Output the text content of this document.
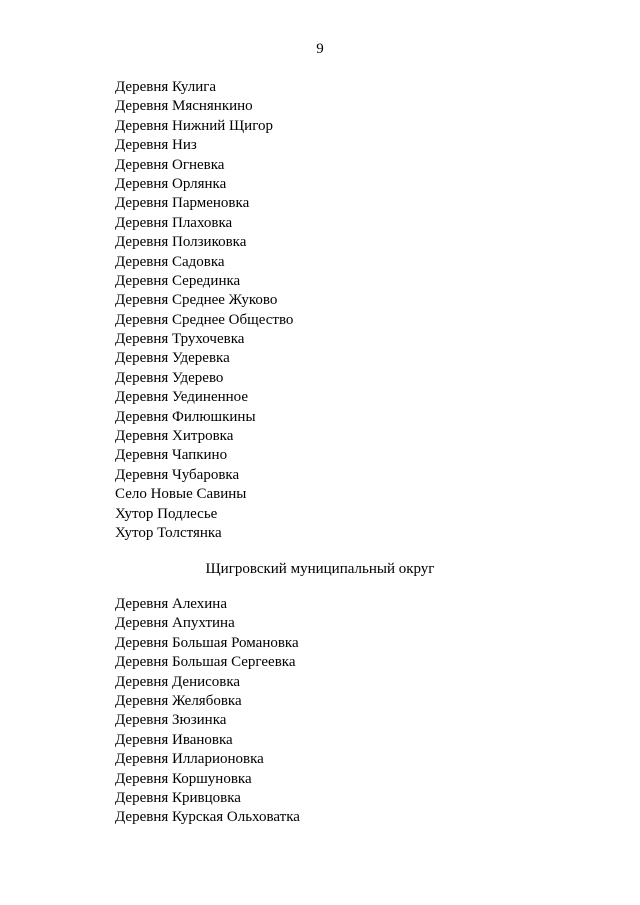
9
Деревня Кулига
Деревня Мяснянкино
Деревня Нижний Щигор
Деревня Низ
Деревня Огневка
Деревня Орлянка
Деревня Парменовка
Деревня Плаховка
Деревня Ползиковка
Деревня Садовка
Деревня Серединка
Деревня Среднее Жуково
Деревня Среднее Общество
Деревня Трухочевка
Деревня Удеревка
Деревня Удерево
Деревня Уединенное
Деревня Филюшкины
Деревня Хитровка
Деревня Чапкино
Деревня Чубаровка
Село Новые Савины
Хутор Подлесье
Хутор Толстянка
Щигровский муниципальный округ
Деревня Алехина
Деревня Апухтина
Деревня Большая Романовка
Деревня Большая Сергеевка
Деревня Денисовка
Деревня Желябовка
Деревня Зюзинка
Деревня Ивановка
Деревня Илларионовка
Деревня Коршуновка
Деревня Кривцовка
Деревня Курская Ольховатка
